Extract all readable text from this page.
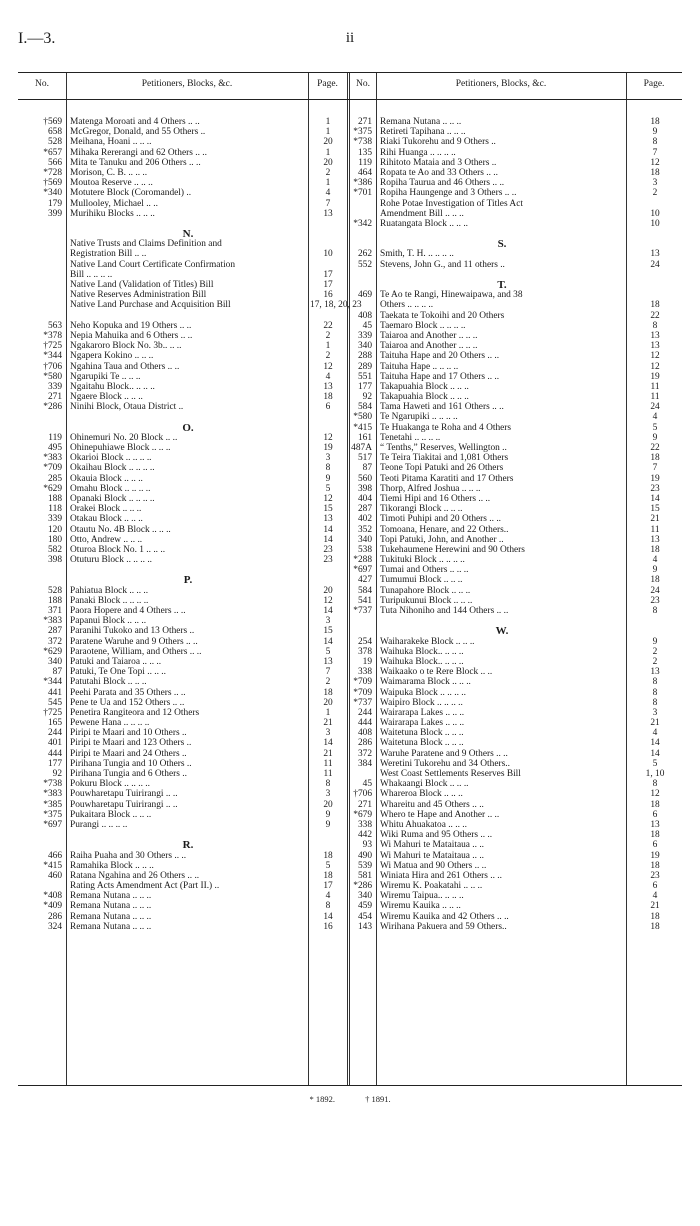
I.—3.	ii
No.	Petitioners, Blocks, &c.	Page.	No.	Petitioners, Blocks, &c.	Page.
†569 Matenga Moroati and 4 Others .. ..	1
658 McGregor, Donald, and 55 Others ..	1
528 Meihana, Hoani .. .. ..	20
*657 Mihaka Rererangi and 62 Others .. ..	1
566 Mita te Tanuku and 206 Others .. ..	20
*728 Morison, C. B. .. .. ..	2
†569 Moutoa Reserve .. .. ..	1
*340 Motutere Block (Coromandel) ..	4
179 Mullooley, Michael .. ..	7
399 Murihiku Blocks .. .. ..	13
N.
Native Trusts and Claims Definition and
Registration Bill .. ..	10
Native Land Court Certificate Confirmation
Bill .. .. .. ..	17
Native Land (Validation of Titles) Bill	17
Native Reserves Administration Bill	16
Native Land Purchase and Acquisition Bill	17, 18, 20, 23
563 Neho Kopuka and 19 Others .. ..	22
*378 Nepia Mahuika and 6 Others .. ..	2
†725 Ngakaroro Block No. 3b.. .. ..	1
*344 Ngapera Kokino .. .. ..	2
†706 Ngahina Taua and Others .. ..	12
*580 Ngarupiki Te .. .. ..	4
339 Ngaitahu Block.. .. .. ..	13
271 Ngaere Block .. .. ..	18
*286 Ninihi Block, Otaua District ..	6
O.
119 Ohinemuri No. 20 Block .. ..	12
495 Ohinepuhiawe Block .. .. ..	19
*383 Okarioi Block .. .. .. ..	3
*709 Okaihau Block .. .. .. ..	8
285 Okauia Block .. .. ..	9
*629 Omahu Block .. .. .. ..	5
188 Opanaki Block .. .. .. ..	12
118 Orakei Block .. .. ..	15
339 Otakau Block .. .. ..	13
120 Otautu No. 4B Block .. .. ..	14
180 Otto, Andrew .. .. ..	14
582 Oturoa Block No. 1 .. .. ..	23
398 Otuturu Block .. .. .. ..	23
P.
528 Pahiatua Block .. .. ..	20
188 Panaki Block .. .. .. ..	12
371 Paora Hopere and 4 Others .. ..	14
*383 Papanui Block .. .. ..	3
287 Paranihi Tukoko and 13 Others ..	15
372 Paratene Waruhe and 9 Others .. ..	14
*629 Paraotene, William, and Others .. ..	5
340 Patuki and Taiaroa .. .. ..	13
87 Patuki, Te One Topi .. .. ..	7
*344 Patutahi Block .. .. ..	2
441 Peehi Parata and 35 Others .. ..	18
545 Pene te Ua and 152 Others .. ..	20
†725 Penetira Rangiteora and 12 Others	1
165 Pewene Hana .. .. .. ..	21
244 Piripi te Maari and 10 Others ..	3
401 Piripi te Maari and 123 Others ..	14
444 Piripi te Maari and 24 Others ..	21
177 Pirihana Tungia and 10 Others ..	11
92 Pirihana Tungia and 6 Others ..	11
*738 Pokuru Block .. .. .. ..	8
*383 Pouwharetapu Tuirirangi .. ..	3
*385 Pouwharetapu Tuirirangi .. ..	20
*375 Pukaitara Block .. .. ..	9
*697 Purangi .. .. .. ..	9
R.
466 Raiha Puaha and 30 Others .. ..	18
*415 Ramahika Block .. .. ..	5
460 Ratana Ngahina and 26 Others .. ..	18
Rating Acts Amendment Act (Part II.) ..	17
*408 Remana Nutana .. .. ..	4
*409 Remana Nutana .. .. ..	8
286 Remana Nutana .. .. ..	14
324 Remana Nutana .. .. ..	16
271 Remana Nutana .. .. ..	18
*375 Retireti Tapihana .. .. ..	9
*738 Riaki Tukorehu and 9 Others ..	8
135 Rihi Huanga .. .. .. ..	7
119 Rihitoto Mataia and 3 Others ..	12
464 Ropata te Ao and 33 Others .. ..	18
*386 Ropiha Taurua and 46 Others .. ..	3
*701 Ropiha Haungenge and 3 Others .. ..	2
Rohe Potae Investigation of Titles Act
Amendment Bill .. .. ..	10
*342 Ruatangata Block .. .. ..	10
S.
262 Smith, T. H. .. .. .. ..	13
552 Stevens, John G., and 11 others ..	24
T.
469 Te Ao te Rangi, Hinewaipawa, and 38
Others .. .. .. ..	18
408 Taekata te Tokoihi and 20 Others	22
45 Taemaro Block .. .. .. ..	8
339 Taiaroa and Another .. .. ..	13
340 Taiaroa and Another .. .. ..	13
288 Taituha Hape and 20 Others .. ..	12
289 Taituha Hape .. .. .. ..	12
551 Taituha Hape and 17 Others .. ..	19
177 Takapuahia Block .. .. ..	11
92 Takapuahia Block .. .. ..	11
584 Tama Haweti and 161 Others .. ..	24
*580 Te Ngarupiki .. .. .. ..	4
*415 Te Huakanga te Roha and 4 Others	5
161 Tenetahi .. .. .. ..	9
487A “ Tenths,” Reserves, Wellington ..	22
517 Te Teira Tiakitai and 1,081 Others	18
87 Teone Topi Patuki and 26 Others	7
560 Teoti Pitama Karatiti and 17 Others	19
398 Thorp, Alfred Joshua .. .. ..	23
404 Tiemi Hipi and 16 Others .. ..	14
287 Tikorangi Block .. .. ..	15
402 Timoti Puhipi and 20 Others .. ..	21
352 Tomoana, Henare, and 22 Others..	11
340 Topi Patuki, John, and Another ..	13
538 Tukehaumene Herewini and 90 Others	18
*288 Tukituki Block .. .. .. ..	4
*697 Tumai and Others .. .. ..	9
427 Tumumui Block .. .. ..	18
584 Tunapahore Block .. .. ..	24
541 Turipukunui Block .. .. ..	23
*737 Tuta Nihoniho and 144 Others .. ..	8
W.
254 Waiharakeke Block .. .. ..	9
378 Waihuka Block.. .. .. ..	2
19 Waihuka Block.. .. .. ..	2
338 Waikaako o te Rere Block .. ..	13
*709 Waimarama Block .. .. ..	8
*709 Waipuka Block .. .. .. ..	8
*737 Waipiro Block .. .. .. ..	8
244 Wairarapa Lakes .. .. ..	3
444 Wairarapa Lakes .. .. ..	21
408 Waitetuna Block .. .. ..	4
286 Waitetuna Block .. .. ..	14
372 Waruhe Paratene and 9 Others .. ..	14
384 Weretini Tukorehu and 34 Others..	5
West Coast Settlements Reserves Bill	1, 10
45 Whakaangi Block .. .. ..	8
†706 Whareroa Block .. .. ..	12
271 Whareitu and 45 Others .. ..	18
*679 Whero te Hape and Another .. ..	6
338 Whitu Ahuakatoa .. .. ..	13
442 Wiki Ruma and 95 Others .. ..	18
93 Wi Mahuri te Mataitaua .. ..	6
490 Wi Mahuri te Mataitaua .. ..	19
539 Wi Matua and 90 Others .. ..	18
581 Winiata Hira and 261 Others .. ..	23
*286 Wiremu K. Poakatahi .. .. ..	6
340 Wiremu Taipua.. .. .. ..	4
459 Wiremu Kauika .. .. ..	21
454 Wiremu Kauika and 42 Others .. ..	18
143 Wirihana Pakuera and 59 Others..	18
* 1892.	† 1891.
